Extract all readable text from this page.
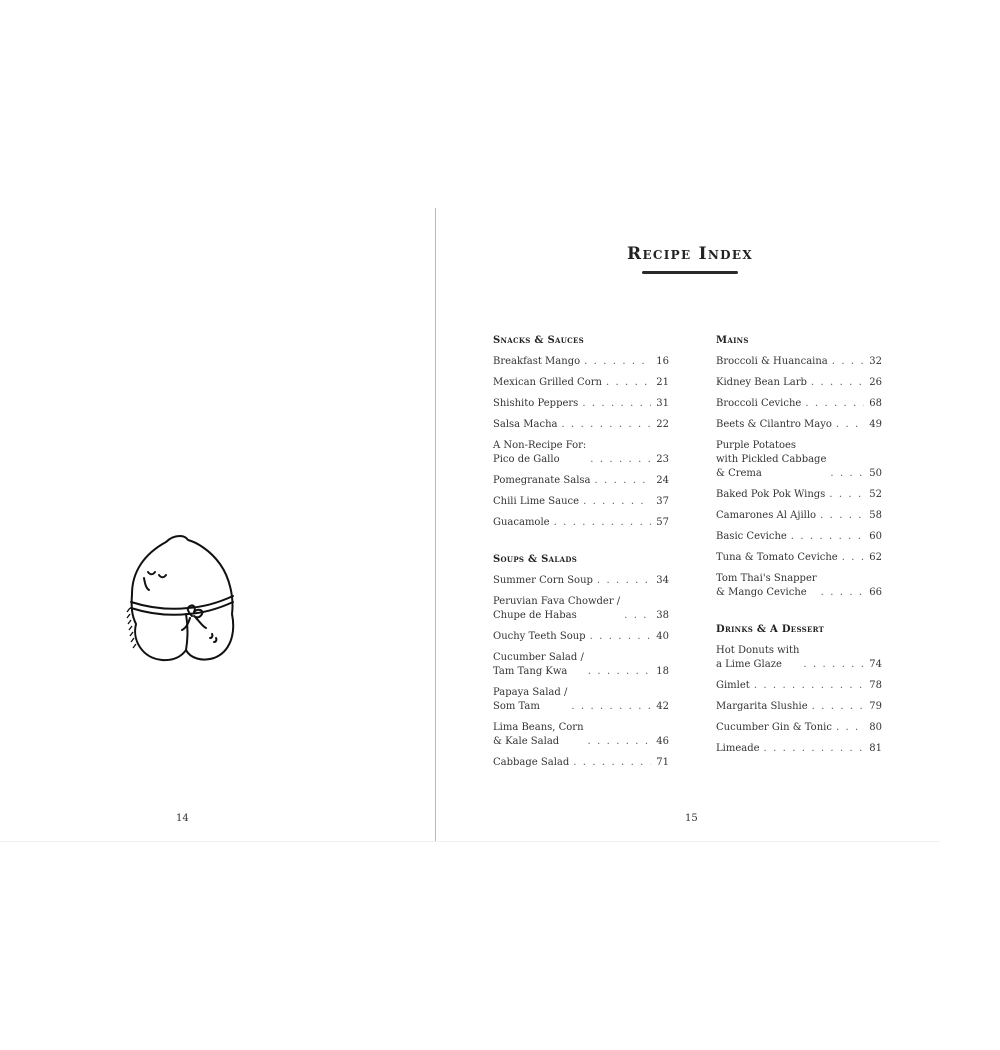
14	15
Recipe Index
Snacks & Sauces
Breakfast Mango . . .	16
Mexican Grilled Corn . . .	21
Shishito Peppers . . .	31
Salsa Macha . . .	22
A Non-Recipe For:
Pico de Gallo . . .	23
Pomegranate Salsa . . .	24
Chili Lime Sauce . . .	37
Guacamole . . .	57
Soups & Salads
Summer Corn Soup . . .	34
Peruvian Fava Chowder /
Chupe de Habas . . .	38
Ouchy Teeth Soup . . .	40
Cucumber Salad /
Tam Tang Kwa . . .	18
Papaya Salad /
Som Tam . . .	42
Lima Beans, Corn
& Kale Salad . . .	46
Cabbage Salad . . .	71
Mains
Broccoli & Huancaina . . .	32
Kidney Bean Larb . . .	26
Broccoli Ceviche . . .	68
Beets & Cilantro Mayo . . .	49
Purple Potatoes
with Pickled Cabbage
& Crema . . .	50
Baked Pok Pok Wings . . .	52
Camarones Al Ajillo . . .	58
Basic Ceviche . . .	60
Tuna & Tomato Ceviche . . .	62
Tom Thai's Snapper
& Mango Ceviche . . .	66
Drinks & A Dessert
Hot Donuts with
a Lime Glaze . . .	74
Gimlet . . .	78
Margarita Slushie . . .	79
Cucumber Gin & Tonic . . .	80
Limeade . . .	81
